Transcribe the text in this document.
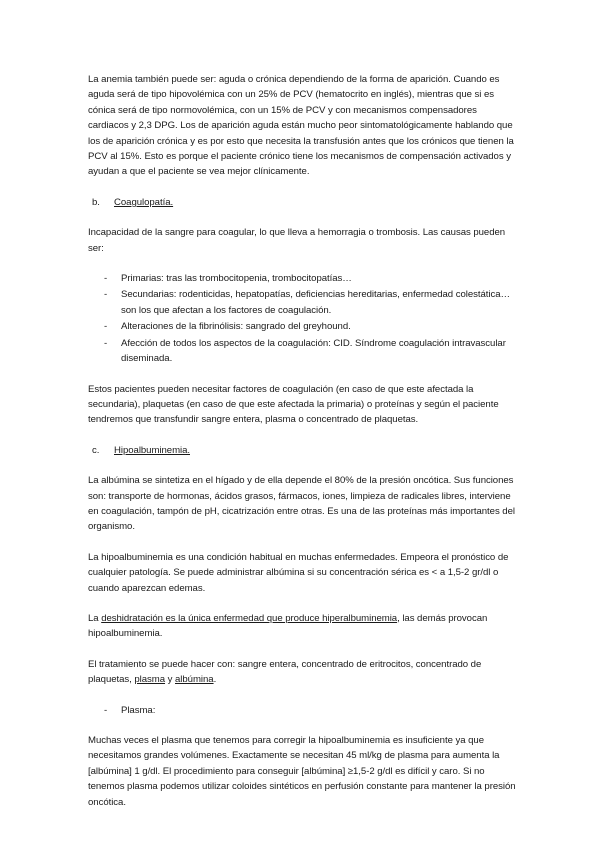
La anemia también puede ser: aguda o crónica dependiendo de la forma de aparición. Cuando es aguda será de tipo hipovolémica con un 25% de PCV (hematocrito en inglés), mientras que si es cónica será de tipo normovolémica, con un 15% de PCV y con mecanismos compensadores cardiacos y 2,3 DPG. Los de aparición aguda están mucho peor sintomatológicamente hablando que los de aparición crónica y es por esto que necesita la transfusión antes que los crónicos que tienen la PCV al 15%. Esto es porque el paciente crónico tiene los mecanismos de compensación activados y ayudan a que el paciente se vea mejor clínicamente.

b.	Coagulopatía.

Incapacidad de la sangre para coagular, lo que lleva a hemorragia o trombosis. Las causas pueden ser:

-	Primarias: tras las trombocitopenia, trombocitopatías…
-	Secundarias: rodenticidas, hepatopatías, deficiencias hereditarias, enfermedad colestática… son los que afectan a los factores de coagulación.
-	Alteraciones de la fibrinólisis: sangrado del greyhound.
-	Afección de todos los aspectos de la coagulación: CID. Síndrome coagulación intravascular diseminada.

Estos pacientes pueden necesitar factores de coagulación (en caso de que este afectada la secundaria), plaquetas (en caso de que este afectada la primaria) o proteínas y según el paciente tendremos que transfundir sangre entera, plasma o concentrado de plaquetas.

c.	Hipoalbuminemia.

La albúmina se sintetiza en el hígado y de ella depende el 80% de la presión oncótica. Sus funciones son: transporte de hormonas, ácidos grasos, fármacos, iones, limpieza de radicales libres, interviene en coagulación, tampón de pH, cicatrización entre otras. Es una de las proteínas más importantes del organismo.

La hipoalbuminemia es una condición habitual en muchas enfermedades. Empeora el pronóstico de cualquier patología. Se puede administrar albúmina si su concentración sérica es < a 1,5-2 gr/dl o cuando aparezcan edemas.

La deshidratación es la única enfermedad que produce hiperalbuminemia, las demás provocan hipoalbuminemia.

El tratamiento se puede hacer con: sangre entera, concentrado de eritrocitos, concentrado de plaquetas, plasma y albúmina.

-	Plasma:

Muchas veces el plasma que tenemos para corregir la hipoalbuminemia es insuficiente ya que necesitamos grandes volúmenes. Exactamente se necesitan 45 ml/kg de plasma para aumenta la [albúmina] 1 g/dl. El procedimiento para conseguir [albúmina] ≥1,5-2 g/dl es difícil y caro. Si no tenemos plasma podemos utilizar coloides sintéticos en perfusión constante para mantener la presión oncótica.
